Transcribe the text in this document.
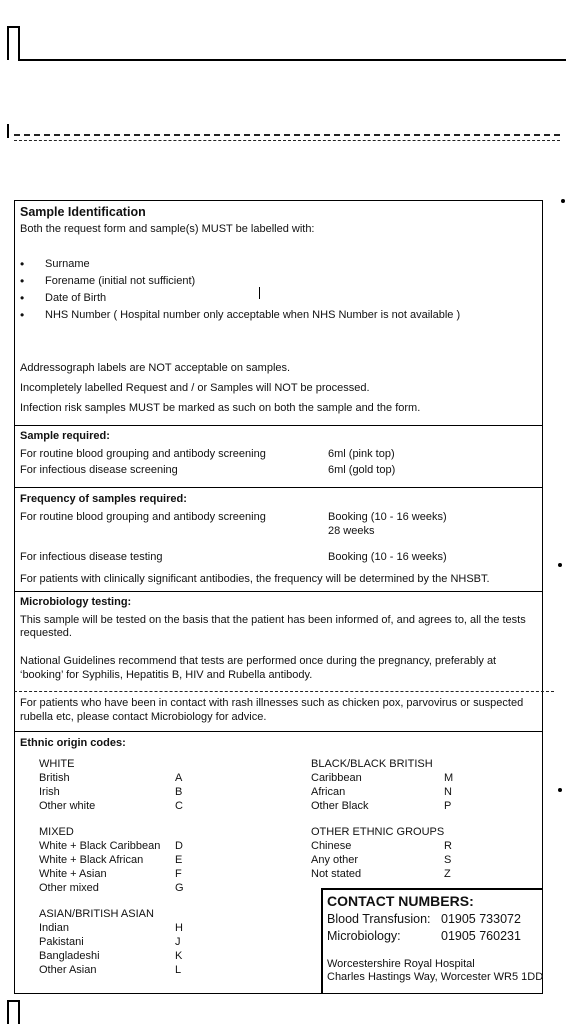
Sample Identification
Both the request form and sample(s) MUST be labelled with:
• Surname
• Forename (initial not sufficient)
• Date of Birth
• NHS Number ( Hospital number only acceptable when NHS Number is not available )
Addressograph labels are NOT acceptable on samples.
Incompletely labelled Request and / or Samples will NOT be processed.
Infection risk samples MUST be marked as such on both the sample and the form.
Sample required:
For routine blood grouping and antibody screening	6ml (pink top)
For infectious disease screening	6ml (gold top)
Frequency of samples required:
For routine blood grouping and antibody screening	Booking (10 - 16 weeks)
28 weeks
For infectious disease testing	Booking (10 - 16 weeks)
For patients with clinically significant antibodies, the frequency will be determined by the NHSBT.
Microbiology testing:
This sample will be tested on the basis that the patient has been informed of, and agrees to, all the tests
requested.
National Guidelines recommend that tests are performed once during the pregnancy, preferably at
‘booking’ for Syphilis, Hepatitis B, HIV and Rubella antibody.
For patients who have been in contact with rash illnesses such as chicken pox, parvovirus or suspected
rubella etc, please contact Microbiology for advice.
Ethnic origin codes:
WHITE
British	A
Irish	B
Other white	C
MIXED
White + Black Caribbean D
White + Black African	E
White + Asian	F
Other mixed	G
ASIAN/BRITISH ASIAN
Indian	H
Pakistani	J
Bangladeshi	K
Other Asian	L
BLACK/BLACK BRITISH
Caribbean	M
African	N
Other Black	P
OTHER ETHNIC GROUPS
Chinese	R
Any other	S
Not stated	Z
CONTACT NUMBERS:
Blood Transfusion: 01905 733072
Microbiology:	01905 760231
Worcestershire Royal Hospital
Charles Hastings Way, Worcester WR5 1DD
